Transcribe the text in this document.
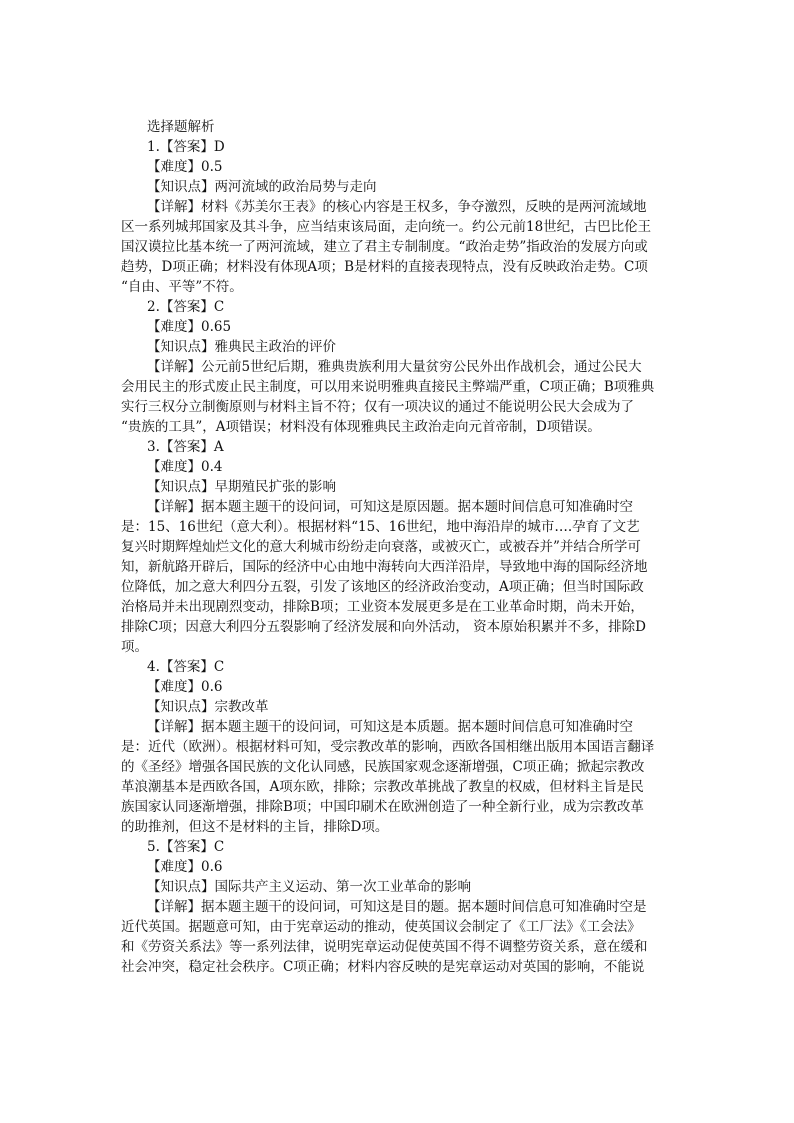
选择题解析
1.【答案】D
【难度】0.5
【知识点】两河流域的政治局势与走向
【详解】材料《苏美尔王表》的核心内容是王权多，争夺激烈，反映的是两河流域地
区一系列城邦国家及其斗争，应当结束该局面，走向统一。约公元前18世纪，古巴比伦王
国汉谟拉比基本统一了两河流域，建立了君主专制制度。“政治走势”指政治的发展方向或
趋势，D项正确；材料没有体现A项；B是材料的直接表现特点，没有反映政治走势。C项
“自由、平等”不符。
2.【答案】C
【难度】0.65
【知识点】雅典民主政治的评价
【详解】公元前5世纪后期，雅典贵族利用大量贫穷公民外出作战机会，通过公民大
会用民主的形式废止民主制度，可以用来说明雅典直接民主弊端严重，C项正确；B项雅典
实行三权分立制衡原则与材料主旨不符；仅有一项决议的通过不能说明公民大会成为了
“贵族的工具”，A项错误；材料没有体现雅典民主政治走向元首帝制，D项错误。
3.【答案】A
【难度】0.4
【知识点】早期殖民扩张的影响
【详解】据本题主题干的设问词，可知这是原因题。据本题时间信息可知准确时空
是：15、16世纪（意大利）。根据材料“15、16世纪，地中海沿岸的城市….孕育了文艺
复兴时期辉煌灿烂文化的意大利城市纷纷走向衰落，或被灭亡，或被吞并”并结合所学可
知，新航路开辟后，国际的经济中心由地中海转向大西洋沿岸，导致地中海的国际经济地
位降低，加之意大利四分五裂，引发了该地区的经济政治变动，A项正确；但当时国际政
治格局并未出现剧烈变动，排除B项；工业资本发展更多是在工业革命时期，尚未开始，
排除C项；因意大利四分五裂影响了经济发展和向外活动， 资本原始积累并不多，排除D
项。
4.【答案】C
【难度】0.6
【知识点】宗教改革
【详解】据本题主题干的设问词，可知这是本质题。据本题时间信息可知准确时空
是：近代（欧洲）。根据材料可知，受宗教改革的影响，西欧各国相继出版用本国语言翻译
的《圣经》增强各国民族的文化认同感，民族国家观念逐渐增强，C项正确；掀起宗教改
革浪潮基本是西欧各国，A项东欧，排除；宗教改革挑战了教皇的权威，但材料主旨是民
族国家认同逐渐增强，排除B项；中国印刷术在欧洲创造了一种全新行业，成为宗教改革
的助推剂，但这不是材料的主旨，排除D项。
5.【答案】C
【难度】0.6
【知识点】国际共产主义运动、第一次工业革命的影响
【详解】据本题主题干的设问词，可知这是目的题。据本题时间信息可知准确时空是
近代英国。据题意可知，由于宪章运动的推动，使英国议会制定了《工厂法》《工会法》
和《劳资关系法》等一系列法律，说明宪章运动促使英国不得不调整劳资关系，意在缓和
社会冲突，稳定社会秩序。C项正确；材料内容反映的是宪章运动对英国的影响，不能说
